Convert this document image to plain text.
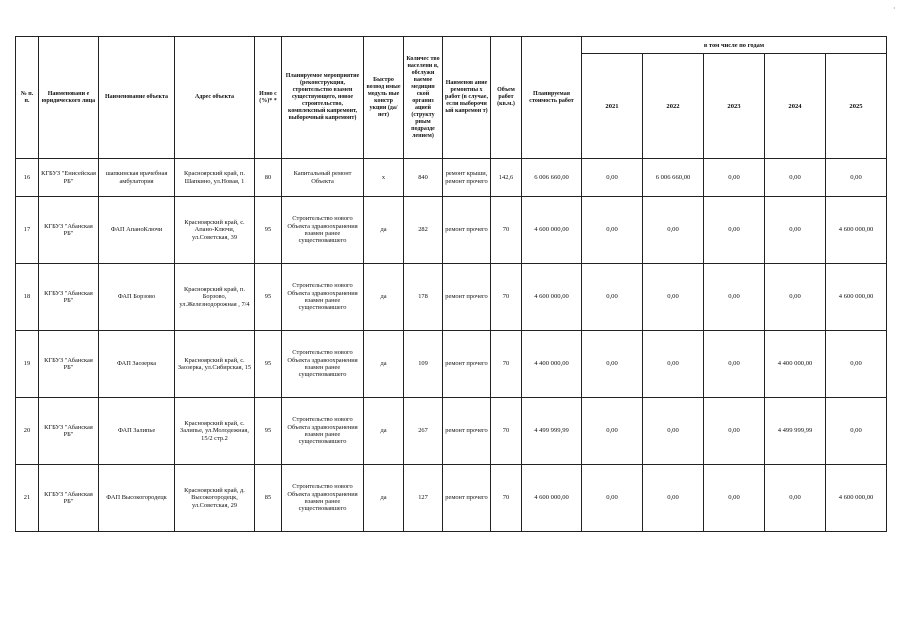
·
№ п. п.	Наименовани е юридического лица	Наименование объекта	Адрес объекта	Изно с (%)* *	Планируемое мероприятие (реконструкция, строительство взамен существующего, новое строительство, комплексный капремонт, выборочный капремонт)	Быстро возвод имые модуль ные констр укции (да/нет)	Количес тво населени я, обслужи ваемое медицин ской организ ацией (структу рным подразде лением)	Наименов ание ремонтны х работ (в случае, если выборочн ый капремон т)	Объем работ (кв.м.)	Планируемая стоимость работ	в том числе по годам				
											2021	2022	2023	2024	2025
16	КГБУЗ "Енисейская РБ"	шапкинская врачебная амбулатория	Красноярский край, п. Шапкино, ул.Новая, 1	80	Капитальный ремонт Объекта	х	840	ремонт крыши, ремонт прочего	142,6	6 006 660,00	0,00	6 006 660,00	0,00	0,00	0,00
17	КГБУЗ "Абанская РБ"	ФАП АпаноКлючи	Красноярский край, с. Апано-Ключи, ул.Советская, 39	95	Строительство нового Объекта здравоохранения взамен ранее существовавшего	да	282	ремонт прочего	70	4 600 000,00	0,00	0,00	0,00	0,00	4 600 000,00
18	КГБУЗ "Абанская РБ"	ФАП Борзово	Красноярский край, п. Борзово, ул.Железнодорожная , 7/4	95	Строительство нового Объекта здравоохранения взамен ранее существовавшего	да	178	ремонт прочего	70	4 600 000,00	0,00	0,00	0,00	0,00	4 600 000,00
19	КГБУЗ "Абанская РБ"	ФАП Заозерка	Красноярский край, с. Заозерка, ул.Сибирская, 15	95	Строительство нового Объекта здравоохранения взамен ранее существовавшего	да	109	ремонт прочего	70	4 400 000,00	0,00	0,00	0,00	4 400 000,00	0,00
20	КГБУЗ "Абанская РБ"	ФАП Залипье	Красноярский край, с. Залипье, ул.Молодежная, 15/2 стр.2	95	Строительство нового Объекта здравоохранения взамен ранее существовавшего	да	267	ремонт прочего	70	4 499 999,99	0,00	0,00	0,00	4 499 999,99	0,00
21	КГБУЗ "Абанская РБ"	ФАП Высокогородецк	Красноярский край, д. Высокогородецк, ул.Советская, 29	85	Строительство нового Объекта здравоохранения взамен ранее существовавшего	да	127	ремонт прочего	70	4 600 000,00	0,00	0,00	0,00	0,00	4 600 000,00
